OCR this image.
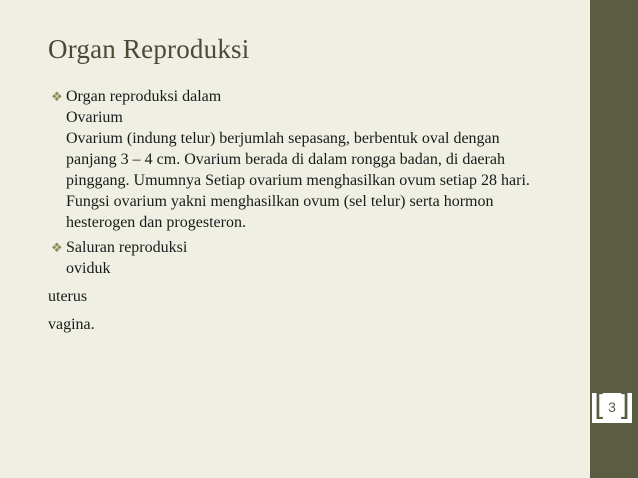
Organ Reproduksi
❖ Organ reproduksi dalam
Ovarium
Ovarium (indung telur) berjumlah sepasang, berbentuk oval dengan
panjang 3 – 4 cm. Ovarium berada di dalam rongga badan, di daerah
pinggang. Umumnya Setiap ovarium menghasilkan ovum setiap 28 hari.
Fungsi ovarium yakni menghasilkan ovum (sel telur) serta hormon
hesterogen dan progesteron.
❖ Saluran reproduksi
oviduk
uterus
vagina.
[ 3 ]
